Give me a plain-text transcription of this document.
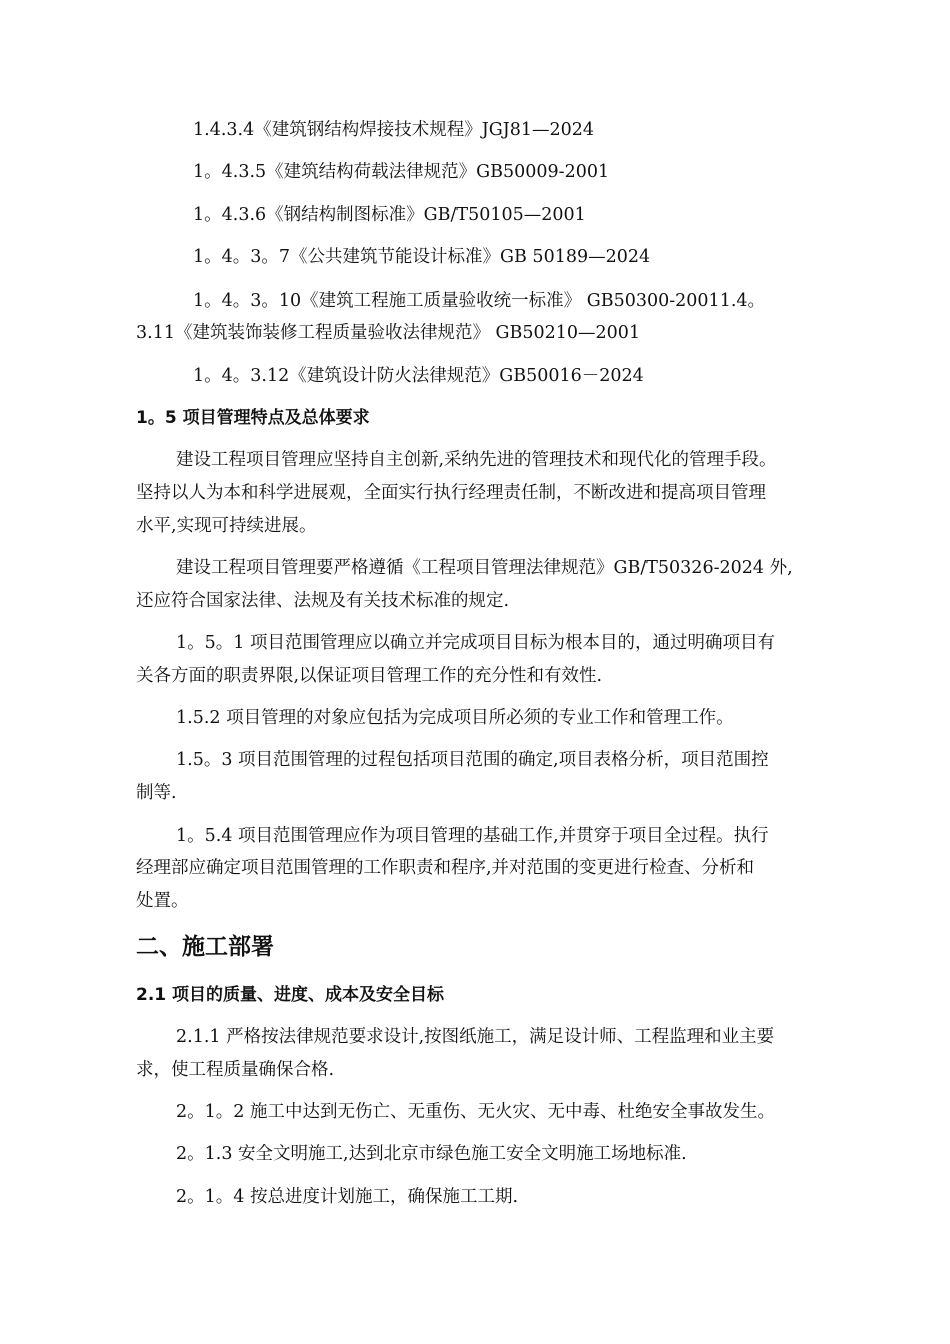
1.4.3.4《建筑钢结构焊接技术规程》JGJ81—2024
1。4.3.5《建筑结构荷载法律规范》GB50009-2001
1。4.3.6《钢结构制图标准》GB/T50105—2001
1。4。3。7《公共建筑节能设计标准》GB 50189—2024
1。4。3。10《建筑工程施工质量验收统一标准》 GB50300-20011.4。
3.11《建筑装饰装修工程质量验收法律规范》 GB50210—2001
1。4。3.12《建筑设计防火法律规范》GB50016－2024
1。5 项目管理特点及总体要求
建设工程项目管理应坚持自主创新,采纳先进的管理技术和现代化的管理手段。
坚持以人为本和科学进展观，全面实行执行经理责任制，不断改进和提高项目管理
水平,实现可持续进展。
建设工程项目管理要严格遵循《工程项目管理法律规范》GB/T50326-2024 外,
还应符合国家法律、法规及有关技术标准的规定.
1。5。1 项目范围管理应以确立并完成项目目标为根本目的，通过明确项目有
关各方面的职责界限,以保证项目管理工作的充分性和有效性.
1.5.2 项目管理的对象应包括为完成项目所必须的专业工作和管理工作。
1.5。3 项目范围管理的过程包括项目范围的确定,项目表格分析，项目范围控
制等.
1。5.4 项目范围管理应作为项目管理的基础工作,并贯穿于项目全过程。执行
经理部应确定项目范围管理的工作职责和程序,并对范围的变更进行检查、分析和
处置。
二、施工部署
2.1 项目的质量、进度、成本及安全目标
2.1.1 严格按法律规范要求设计,按图纸施工，满足设计师、工程监理和业主要
求，使工程质量确保合格.
2。1。2 施工中达到无伤亡、无重伤、无火灾、无中毒、杜绝安全事故发生。
2。1.3 安全文明施工,达到北京市绿色施工安全文明施工场地标准.
2。1。4 按总进度计划施工，确保施工工期.
